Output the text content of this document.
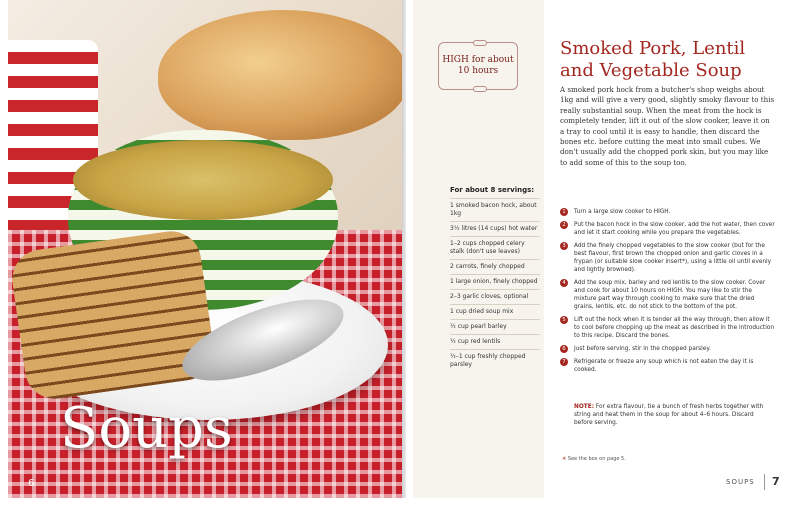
Soups
6
HIGH for about
10 hours
For about 8 servings:
1 smoked bacon hock, about 1kg
3½ litres (14 cups) hot water
1–2 cups chopped celery stalk (don't use leaves)
2 carrots, finely chopped
1 large onion, finely chopped
2–3 garlic cloves, optional
1 cup dried soup mix
½ cup pearl barley
½ cup red lentils
½–1 cup freshly chopped parsley
Smoked Pork, Lentil and Vegetable Soup

A smoked pork hock from a butcher's shop weighs about 1kg and will give a very good, slightly smoky flavour to this really substantial soup. When the meat from the hock is completely tender, lift it out of the slow cooker, leave it on a tray to cool until it is easy to handle, then discard the bones etc. before cutting the meat into small cubes. We don't usually add the chopped pork skin, but you may like to add some of this to the soup too.

1	Turn a large slow cooker to HIGH.
2	Put the bacon hock in the slow cooker, add the hot water, then cover and let it start cooking while you prepare the vegetables.
3	Add the finely chopped vegetables to the slow cooker (but for the best flavour, first brown the chopped onion and garlic cloves in a frypan (or suitable slow cooker insert*), using a little oil until evenly and lightly browned).
4	Add the soup mix, barley and red lentils to the slow cooker. Cover and cook for about 10 hours on HIGH. You may like to stir the mixture part way through cooking to make sure that the dried grains, lentils, etc. do not stick to the bottom of the pot.
5	Lift out the hock when it is tender all the way through, then allow it to cool before chopping up the meat as described in the introduction to this recipe. Discard the bones.
6	Just before serving, stir in the chopped parsley.
7	Refrigerate or freeze any soup which is not eaten the day it is cooked.

NOTE: For extra flavour, tie a bunch of fresh herbs together with string and heat them in the soup for about 4–6 hours. Discard before serving.

✳ See the box on page 5.
SOUPS 7
